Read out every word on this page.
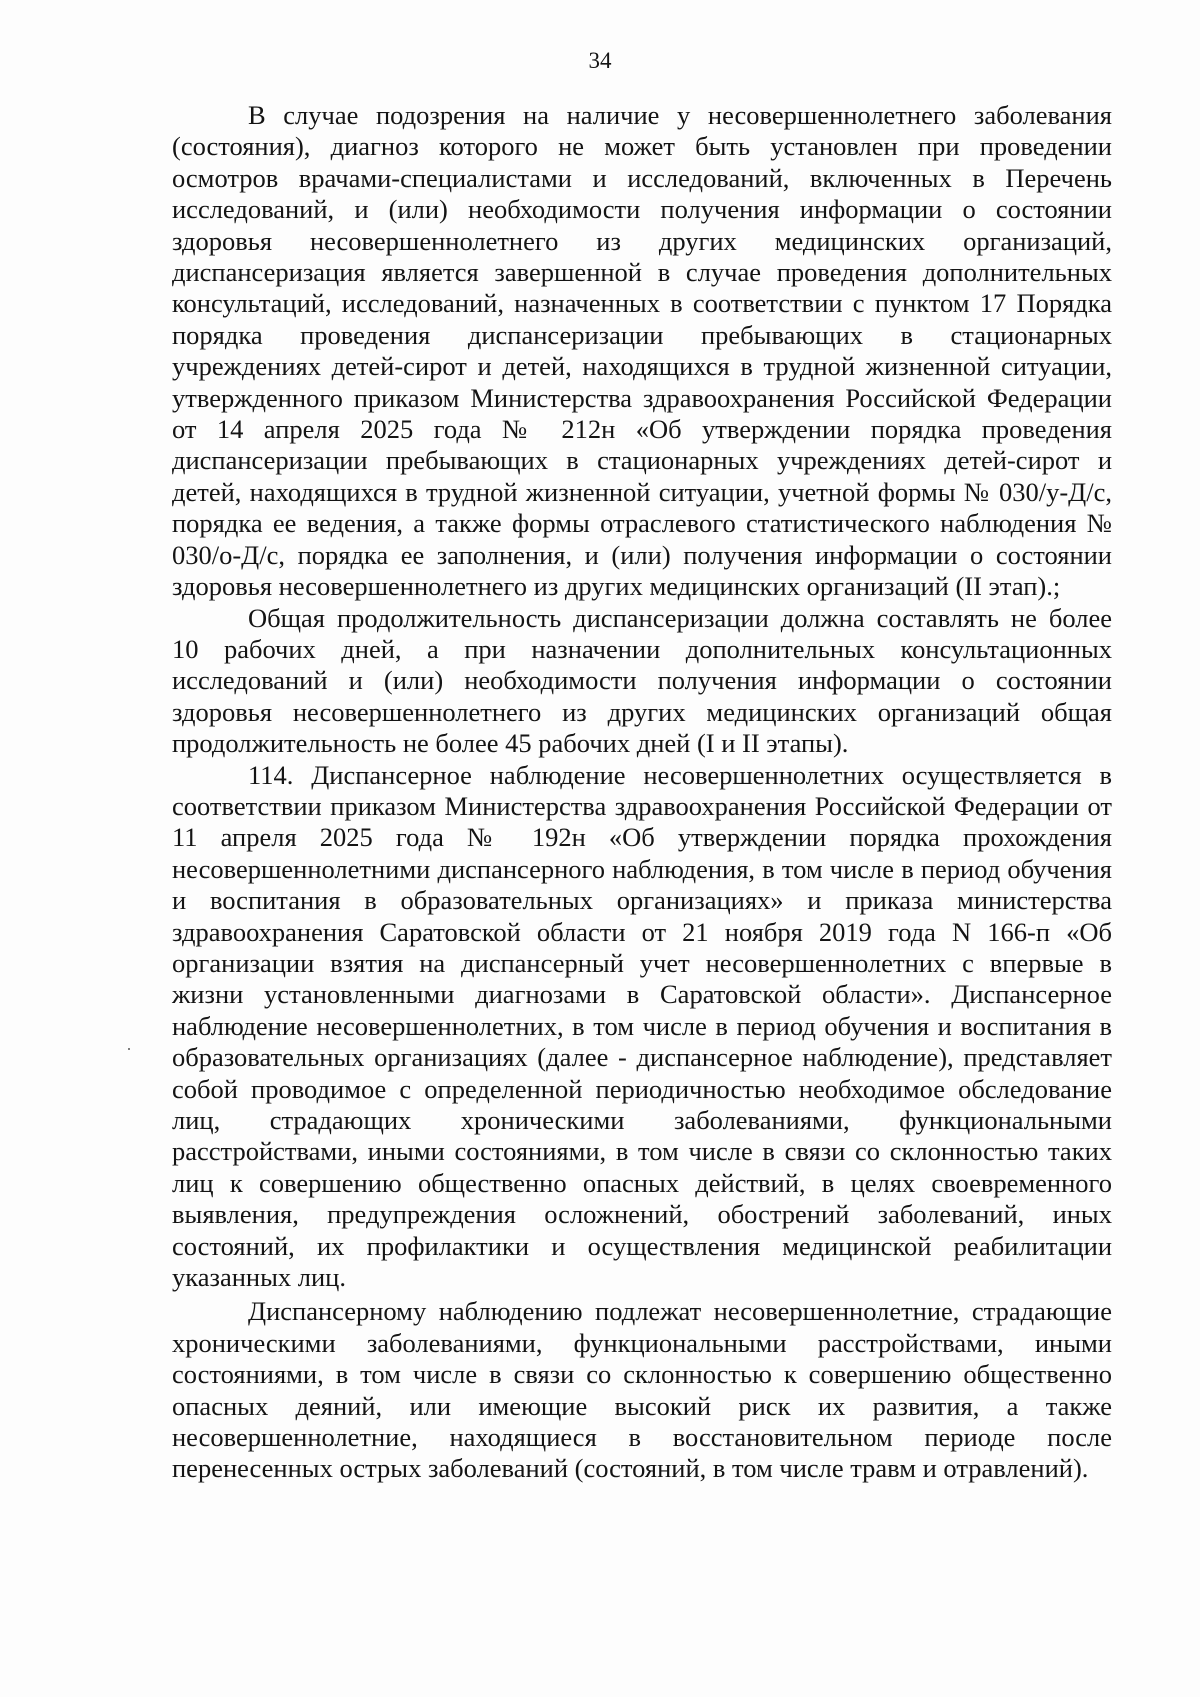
34

В случае подозрения на наличие у несовершеннолетнего заболевания (состояния), диагноз которого не может быть установлен при проведении осмотров врачами-специалистами и исследований, включенных в Перечень исследований, и (или) необходимости получения информации о состоянии здоровья несовершеннолетнего из других медицинских организаций, диспансеризация является завершенной в случае проведения дополнительных консультаций, исследований, назначенных в соответствии с пунктом 17 Порядка порядка проведения диспансеризации пребывающих в стационарных учреждениях детей-сирот и детей, находящихся в трудной жизненной ситуации, утвержденного приказом Министерства здравоохранения Российской Федерации от 14 апреля 2025 года № 212н «Об утверждении порядка проведения диспансеризации пребывающих в стационарных учреждениях детей-сирот и детей, находящихся в трудной жизненной ситуации, учетной формы № 030/у-Д/с, порядка ее ведения, а также формы отраслевого статистического наблюдения № 030/о-Д/с, порядка ее заполнения, и (или) получения информации о состоянии здоровья несовершеннолетнего из других медицинских организаций (II этап).;

Общая продолжительность диспансеризации должна составлять не более 10 рабочих дней, а при назначении дополнительных консультационных исследований и (или) необходимости получения информации о состоянии здоровья несовершеннолетнего из других медицинских организаций общая продолжительность не более 45 рабочих дней (I и II этапы).

114. Диспансерное наблюдение несовершеннолетних осуществляется в соответствии приказом Министерства здравоохранения Российской Федерации от 11 апреля 2025 года № 192н «Об утверждении порядка прохождения несовершеннолетними диспансерного наблюдения, в том числе в период обучения и воспитания в образовательных организациях» и приказа министерства здравоохранения Саратовской области от 21 ноября 2019 года N 166-п «Об организации взятия на диспансерный учет несовершеннолетних с впервые в жизни установленными диагнозами в Саратовской области». Диспансерное наблюдение несовершеннолетних, в том числе в период обучения и воспитания в образовательных организациях (далее - диспансерное наблюдение), представляет собой проводимое с определенной периодичностью необходимое обследование лиц, страдающих хроническими заболеваниями, функциональными расстройствами, иными состояниями, в том числе в связи со склонностью таких лиц к совершению общественно опасных действий, в целях своевременного выявления, предупреждения осложнений, обострений заболеваний, иных состояний, их профилактики и осуществления медицинской реабилитации указанных лиц.

Диспансерному наблюдению подлежат несовершеннолетние, страдающие хроническими заболеваниями, функциональными расстройствами, иными состояниями, в том числе в связи со склонностью к совершению общественно опасных деяний, или имеющие высокий риск их развития, а также несовершеннолетние, находящиеся в восстановительном периоде после перенесенных острых заболеваний (состояний, в том числе травм и отравлений).
